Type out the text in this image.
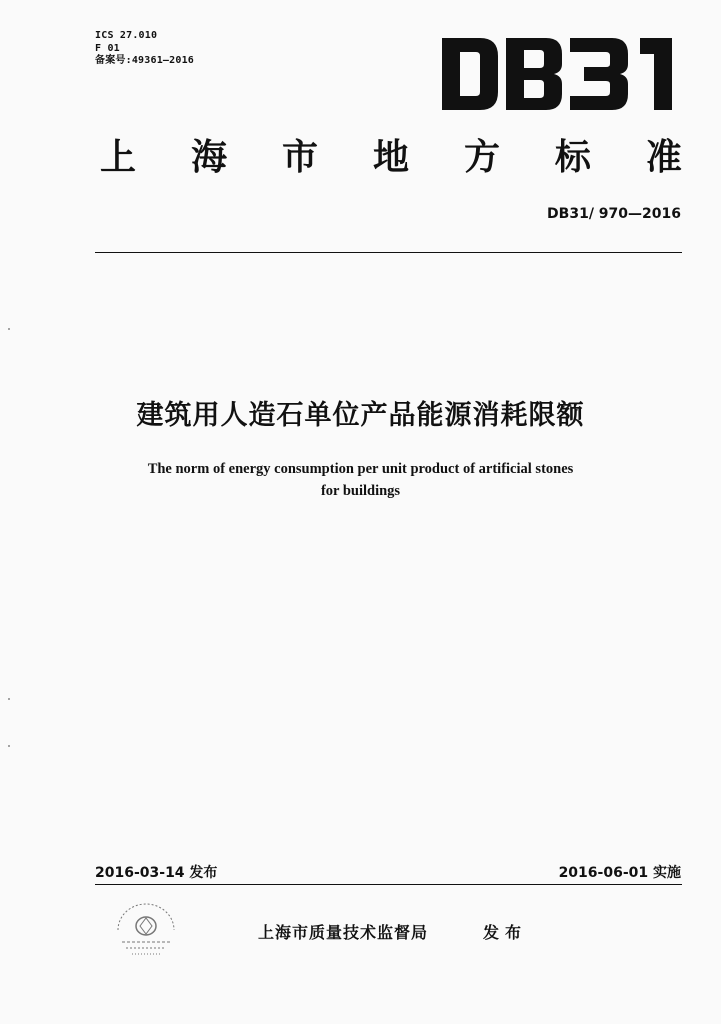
ICS 27.010
F 01
备案号:49361—2016
DB31
上 海 市 地 方 标 准
DB31/ 970—2016
建筑用人造石单位产品能源消耗限额
The norm of energy consumption per unit product of artificial stones
for buildings
2016-03-14 发布	2016-06-01 实施
上海市质量技术监督局	发布
